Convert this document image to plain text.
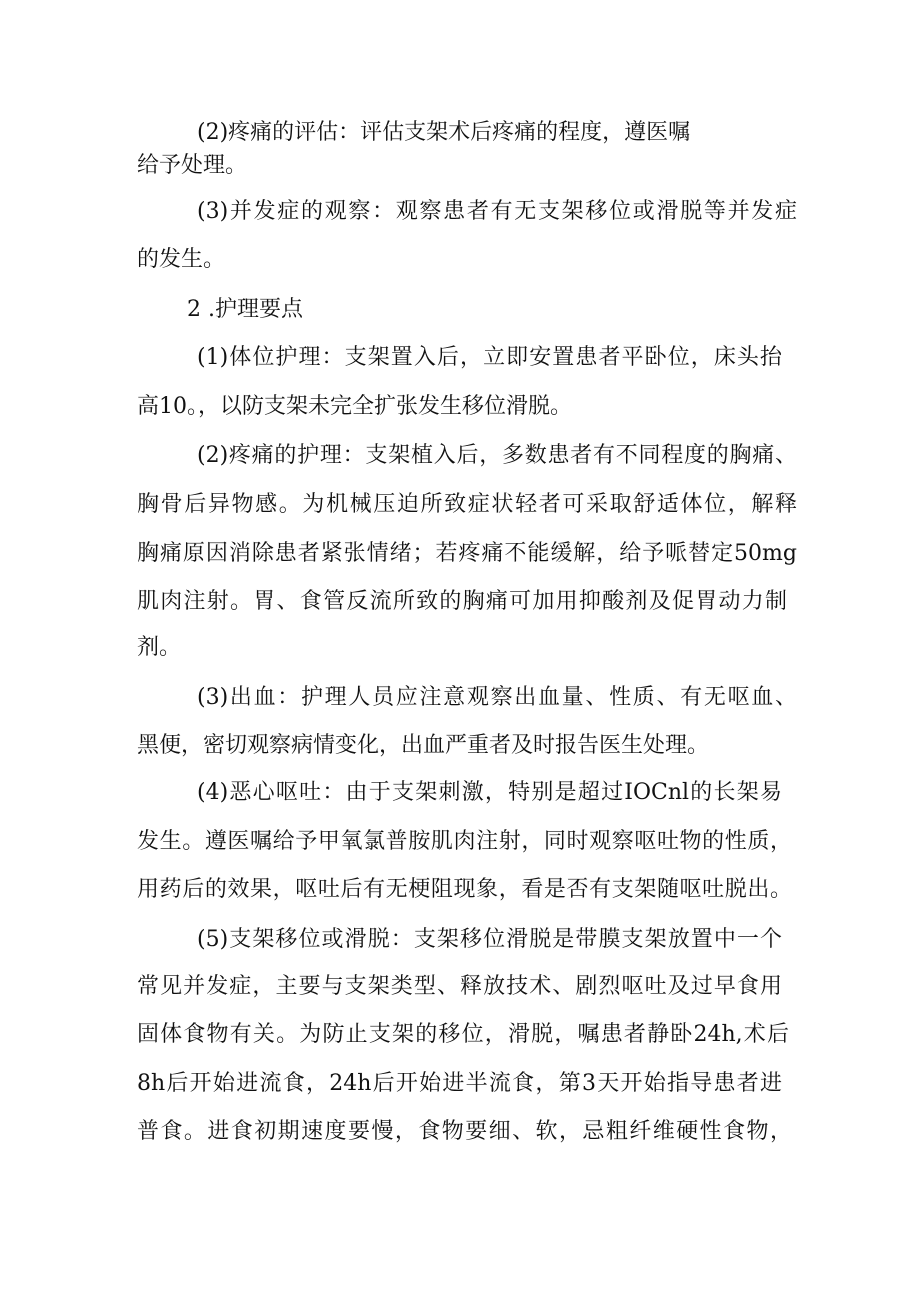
(2)疼痛的评估：评估支架术后疼痛的程度，遵医嘱

给予处理。

(3)并发症的观察：观察患者有无支架移位或滑脱等并发症

的发生。

2 .护理要点

(1)体位护理：支架置入后，立即安置患者平卧位，床头抬

高10。，以防支架未完全扩张发生移位滑脱。

(2)疼痛的护理：支架植入后，多数患者有不同程度的胸痛、

胸骨后异物感。为机械压迫所致症状轻者可采取舒适体位，解释

胸痛原因消除患者紧张情绪；若疼痛不能缓解，给予哌替定50mg

肌肉注射。胃、食管反流所致的胸痛可加用抑酸剂及促胃动力制

剂。

(3)出血：护理人员应注意观察出血量、性质、有无呕血、

黑便，密切观察病情变化，出血严重者及时报告医生处理。

(4)恶心呕吐：由于支架刺激，特别是超过IOCnl的长架易

发生。遵医嘱给予甲氧氯普胺肌肉注射，同时观察呕吐物的性质，

用药后的效果，呕吐后有无梗阻现象，看是否有支架随呕吐脱出。

(5)支架移位或滑脱：支架移位滑脱是带膜支架放置中一个

常见并发症，主要与支架类型、释放技术、剧烈呕吐及过早食用

固体食物有关。为防止支架的移位，滑脱，嘱患者静卧24h,术后

8h后开始进流食，24h后开始进半流食，第3天开始指导患者进

普食。进食初期速度要慢，食物要细、软，忌粗纤维硬性食物，
